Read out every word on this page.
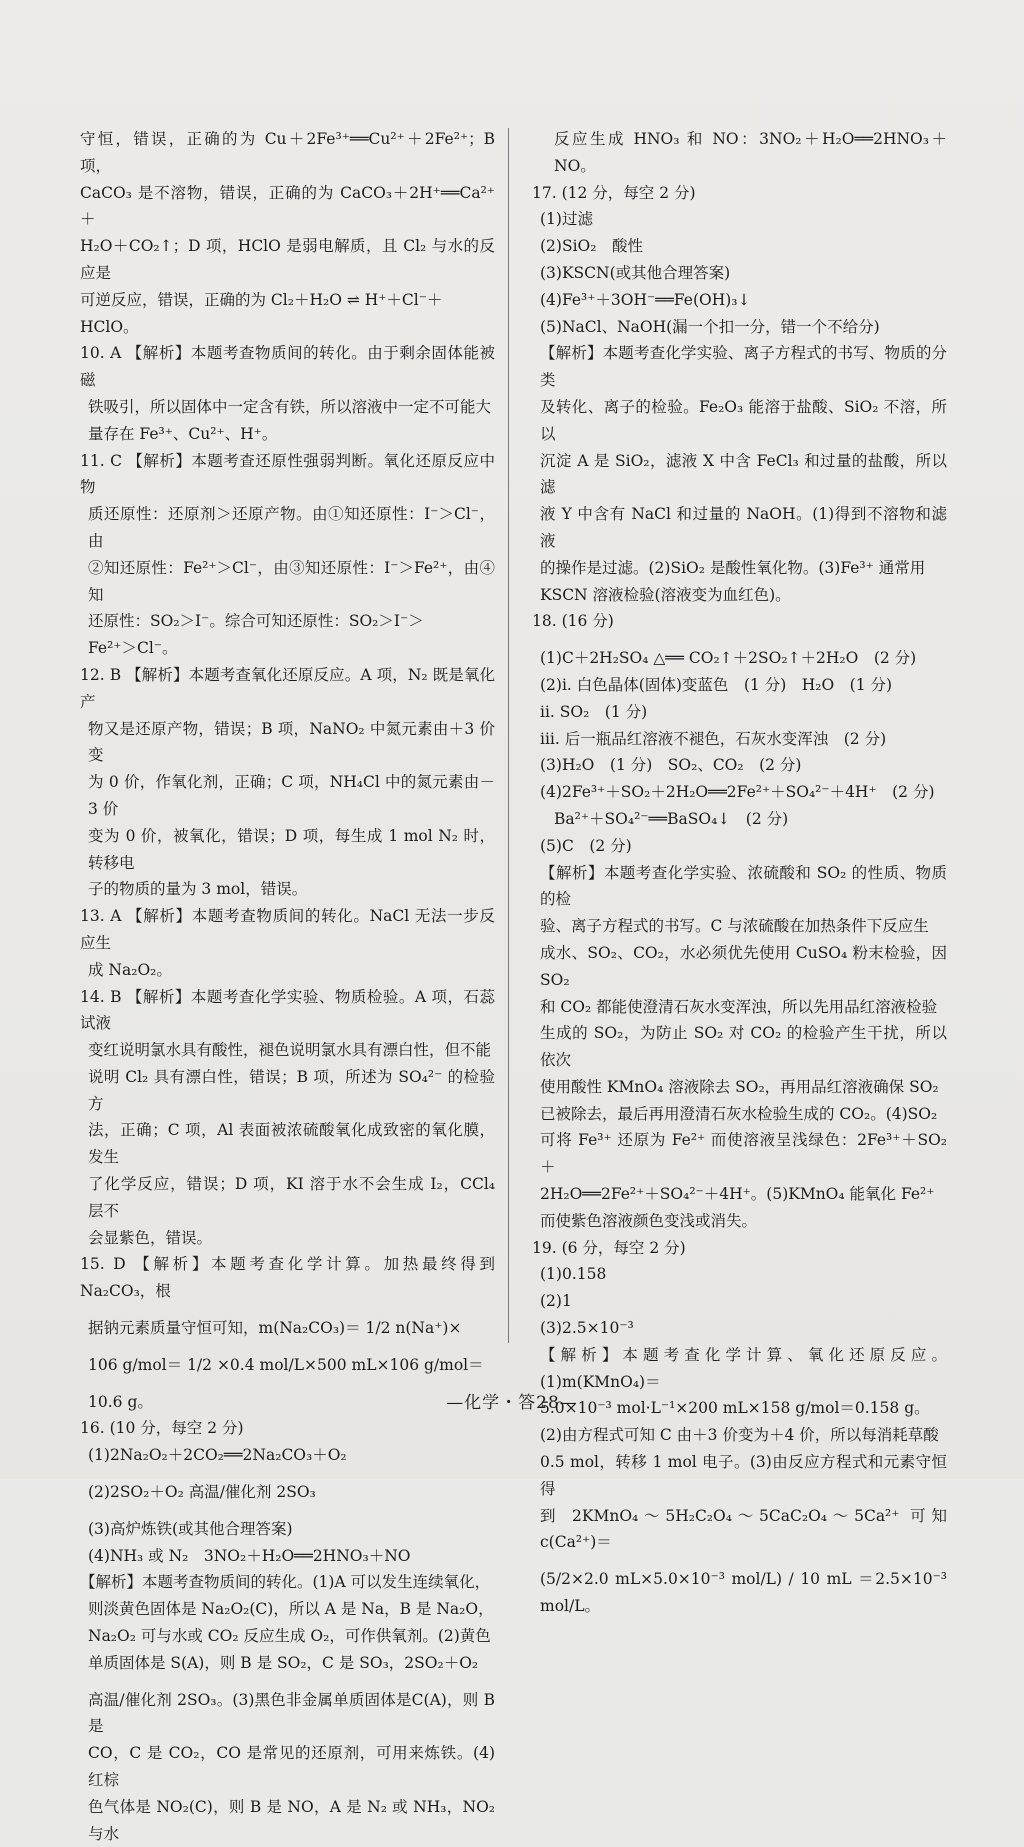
守恒，错误，正确的为 Cu＋2Fe³⁺══Cu²⁺＋2Fe²⁺；B 项，

CaCO₃ 是不溶物，错误，正确的为 CaCO₃＋2H⁺══Ca²⁺＋

H₂O＋CO₂↑；D 项，HClO 是弱电解质，且 Cl₂ 与水的反应是

可逆反应，错误，正确的为 Cl₂＋H₂O ⇌ H⁺＋Cl⁻＋

HClO。

10. A 【解析】本题考查物质间的转化。由于剩余固体能被磁

铁吸引，所以固体中一定含有铁，所以溶液中一定不可能大

量存在 Fe³⁺、Cu²⁺、H⁺。

11. C 【解析】本题考查还原性强弱判断。氧化还原反应中物

质还原性：还原剂＞还原产物。由①知还原性：I⁻＞Cl⁻，由

②知还原性：Fe²⁺＞Cl⁻，由③知还原性：I⁻＞Fe²⁺，由④知

还原性：SO₂＞I⁻。综合可知还原性：SO₂＞I⁻＞

Fe²⁺＞Cl⁻。

12. B 【解析】本题考查氧化还原反应。A 项，N₂ 既是氧化产

物又是还原产物，错误；B 项，NaNO₂ 中氮元素由＋3 价变

为 0 价，作氧化剂，正确；C 项，NH₄Cl 中的氮元素由－3 价

变为 0 价，被氧化，错误；D 项，每生成 1 mol N₂ 时，转移电

子的物质的量为 3 mol，错误。

13. A 【解析】本题考查物质间的转化。NaCl 无法一步反应生

成 Na₂O₂。

14. B 【解析】本题考查化学实验、物质检验。A 项，石蕊试液

变红说明氯水具有酸性，褪色说明氯水具有漂白性，但不能

说明 Cl₂ 具有漂白性，错误；B 项，所述为 SO₄²⁻ 的检验方

法，正确；C 项，Al 表面被浓硫酸氧化成致密的氧化膜，发生

了化学反应，错误；D 项，KI 溶于水不会生成 I₂，CCl₄ 层不

会显紫色，错误。

15. D 【解析】本题考查化学计算。加热最终得到 Na₂CO₃，根

据钠元素质量守恒可知，m(Na₂CO₃)＝ 1/2 n(Na⁺)×

106 g/mol＝ 1/2 ×0.4 mol/L×500 mL×106 g/mol＝

10.6 g。

16. (10 分，每空 2 分)

(1)2Na₂O₂＋2CO₂══2Na₂CO₃＋O₂

(2)2SO₂＋O₂ 高温/催化剂 2SO₃

(3)高炉炼铁(或其他合理答案)

(4)NH₃ 或 N₂　3NO₂＋H₂O══2HNO₃＋NO

【解析】本题考查物质间的转化。(1)A 可以发生连续氧化，

则淡黄色固体是 Na₂O₂(C)，所以 A 是 Na，B 是 Na₂O，

Na₂O₂ 可与水或 CO₂ 反应生成 O₂，可作供氧剂。(2)黄色

单质固体是 S(A)，则 B 是 SO₂，C 是 SO₃，2SO₂＋O₂

高温/催化剂 2SO₃。(3)黑色非金属单质固体是C(A)，则 B 是

CO，C 是 CO₂，CO 是常见的还原剂，可用来炼铁。(4)红棕

色气体是 NO₂(C)，则 B 是 NO，A 是 N₂ 或 NH₃，NO₂ 与水

反应生成 HNO₃ 和 NO：3NO₂＋H₂O══2HNO₃＋NO。

17. (12 分，每空 2 分)

(1)过滤

(2)SiO₂　酸性

(3)KSCN(或其他合理答案)

(4)Fe³⁺＋3OH⁻══Fe(OH)₃↓

(5)NaCl、NaOH(漏一个扣一分，错一个不给分)

【解析】本题考查化学实验、离子方程式的书写、物质的分类

及转化、离子的检验。Fe₂O₃ 能溶于盐酸、SiO₂ 不溶，所以

沉淀 A 是 SiO₂，滤液 X 中含 FeCl₃ 和过量的盐酸，所以滤

液 Y 中含有 NaCl 和过量的 NaOH。(1)得到不溶物和滤液

的操作是过滤。(2)SiO₂ 是酸性氧化物。(3)Fe³⁺ 通常用

KSCN 溶液检验(溶液变为血红色)。

18. (16 分)

(1)C＋2H₂SO₄ △══ CO₂↑＋2SO₂↑＋2H₂O　(2 分)

(2)ⅰ. 白色晶体(固体)变蓝色　(1 分)　H₂O　(1 分)

ⅱ. SO₂　(1 分)

ⅲ. 后一瓶品红溶液不褪色，石灰水变浑浊　(2 分)

(3)H₂O　(1 分)　SO₂、CO₂　(2 分)

(4)2Fe³⁺＋SO₂＋2H₂O══2Fe²⁺＋SO₄²⁻＋4H⁺　(2 分)

Ba²⁺＋SO₄²⁻══BaSO₄↓　(2 分)

(5)C　(2 分)

【解析】本题考查化学实验、浓硫酸和 SO₂ 的性质、物质的检

验、离子方程式的书写。C 与浓硫酸在加热条件下反应生

成水、SO₂、CO₂，水必须优先使用 CuSO₄ 粉末检验，因 SO₂

和 CO₂ 都能使澄清石灰水变浑浊，所以先用品红溶液检验

生成的 SO₂，为防止 SO₂ 对 CO₂ 的检验产生干扰，所以依次

使用酸性 KMnO₄ 溶液除去 SO₂，再用品红溶液确保 SO₂

已被除去，最后再用澄清石灰水检验生成的 CO₂。(4)SO₂

可将 Fe³⁺ 还原为 Fe²⁺ 而使溶液呈浅绿色：2Fe³⁺＋SO₂＋

2H₂O══2Fe²⁺＋SO₄²⁻＋4H⁺。(5)KMnO₄ 能氧化 Fe²⁺

而使紫色溶液颜色变浅或消失。

19. (6 分，每空 2 分)

(1)0.158

(2)1

(3)2.5×10⁻³

【解析】本题考查化学计算、氧化还原反应。(1)m(KMnO₄)＝

5.0×10⁻³ mol·L⁻¹×200 mL×158 g/mol＝0.158 g。

(2)由方程式可知 C 由＋3 价变为＋4 价，所以每消耗草酸

0.5 mol，转移 1 mol 电子。(3)由反应方程式和元素守恒得

到 2KMnO₄～5H₂C₂O₄～5CaC₂O₄～5Ca²⁺ 可知 c(Ca²⁺)＝

(5/2×2.0 mL×5.0×10⁻³ mol/L) / 10 mL ＝2.5×10⁻³ mol/L。

—化学・答28—
